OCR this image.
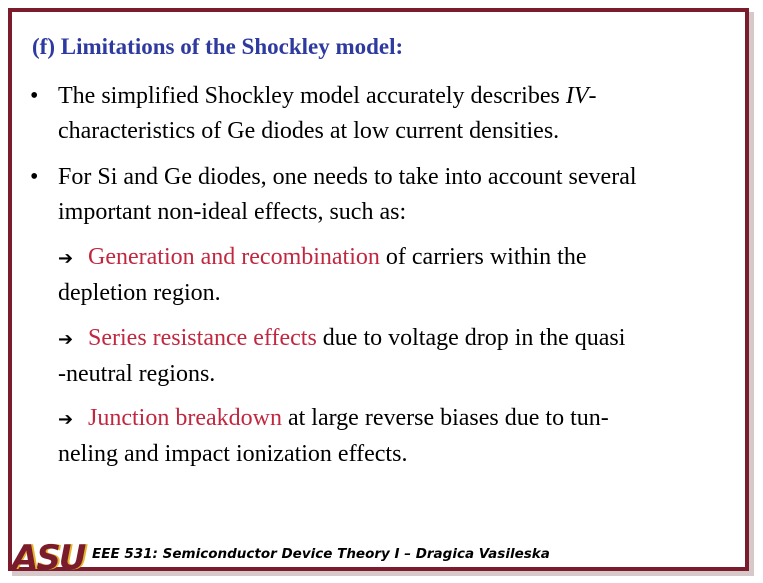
(f) Limitations of the Shockley model:
• The simplified Shockley model accurately describes IV-
characteristics of Ge diodes at low current densities.
• For Si and Ge diodes, one needs to take into account several
important non-ideal effects, such as:
➔ Generation and recombination of carriers within the
depletion region.
➔ Series resistance effects due to voltage drop in the quasi
-neutral regions.
➔ Junction breakdown at large reverse biases due to tun-
neling and impact ionization effects.
ASU EEE 531: Semiconductor Device Theory I – Dragica Vasileska
